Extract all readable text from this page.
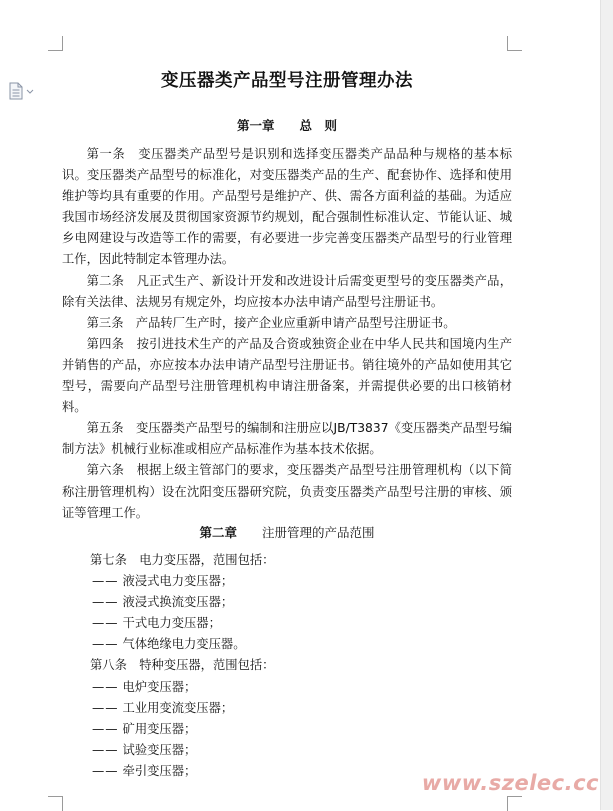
变压器类产品型号注册管理办法
第一章　　 总　则

第一条　变压器类产品型号是识别和选择变压器类产品品种与规格的基本标识。变压器类产品型号的标准化，对变压器类产品的生产、配套协作、选择和使用维护等均具有重要的作用。产品型号是维护产、供、需各方面利益的基础。为适应我国市场经济发展及贯彻国家资源节约规划，配合强制性标准认定、节能认证、城乡电网建设与改造等工作的需要，有必要进一步完善变压器类产品型号的行业管理工作，因此特制定本管理办法。

第二条　凡正式生产、新设计开发和改进设计后需变更型号的变压器类产品，除有关法律、法规另有规定外，均应按本办法申请产品型号注册证书。

第三条　产品转厂生产时，接产企业应重新申请产品型号注册证书。

第四条　按引进技术生产的产品及合资或独资企业在中华人民共和国境内生产并销售的产品，亦应按本办法申请产品型号注册证书。销往境外的产品如使用其它型号，需要向产品型号注册管理机构申请注册备案，并需提供必要的出口核销材料。

第五条　变压器类产品型号的编制和注册应以JB/T3837《变压器类产品型号编制方法》机械行业标准或相应产品标准作为基本技术依据。

第六条　根据上级主管部门的要求，变压器类产品型号注册管理机构（以下简称注册管理机构）设在沈阳变压器研究院，负责变压器类产品型号注册的审核、颁证等管理工作。

第二章　　 注册管理的产品范围

第七条　电力变压器，范围包括：

—— 液浸式电力变压器；

—— 液浸式换流变压器；

—— 干式电力变压器；

—— 气体绝缘电力变压器。

第八条　特种变压器，范围包括：

—— 电炉变压器；

—— 工业用变流变压器；

—— 矿用变压器；

—— 试验变压器；

—— 牵引变压器；

www.szelec.cc
